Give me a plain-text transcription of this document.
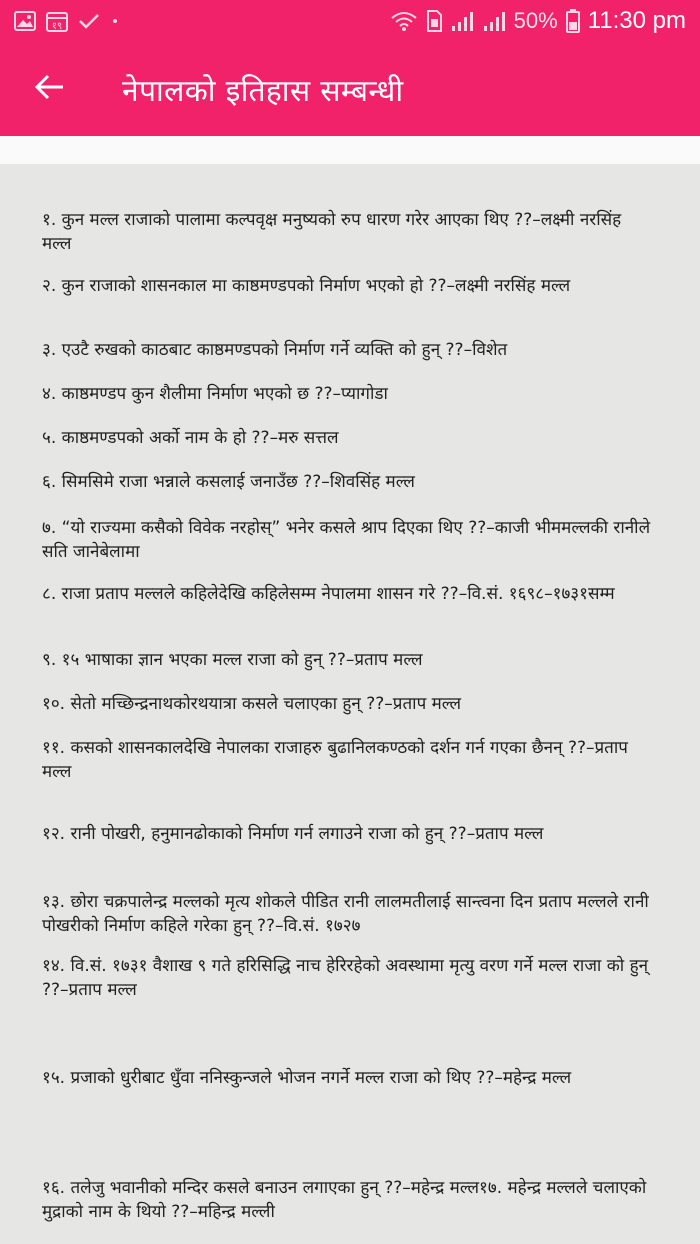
१९	50% 11:30 pm
नेपालको इतिहास सम्बन्धी
१. कुन मल्ल राजाको पालामा कल्पवृक्ष मनुष्यको रुप धारण गरेर आएका थिए ??–लक्ष्मी नरसिंह मल्ल
२. कुन राजाको शासनकाल मा काष्ठमण्डपको निर्माण भएको हो ??–लक्ष्मी नरसिंह मल्ल
३. एउटै रुखको काठबाट काष्ठमण्डपको निर्माण गर्ने व्यक्ति को हुन् ??–विशेत
४. काष्ठमण्डप कुन शैलीमा निर्माण भएको छ ??–प्यागोडा
५. काष्ठमण्डपको अर्को नाम के हो ??–मरु सत्तल
६. सिमसिमे राजा भन्नाले कसलाई जनाउँछ ??–शिवसिंह मल्ल
७. “यो राज्यमा कसैको विवेक नरहोस्” भनेर कसले श्राप दिएका थिए ??–काजी भीममल्लकी रानीले सति जानेबेलामा
८. राजा प्रताप मल्लले कहिलेदेखि कहिलेसम्म नेपालमा शासन गरे ??–वि.सं. १६९८–१७३१सम्म
९. १५ भाषाका ज्ञान भएका मल्ल राजा को हुन् ??–प्रताप मल्ल
१०. सेतो मच्छिन्द्रनाथकोरथयात्रा कसले चलाएका हुन् ??–प्रताप मल्ल
११. कसको शासनकालदेखि नेपालका राजाहरु बुढानिलकण्ठको दर्शन गर्न गएका छैनन् ??–प्रताप मल्ल
१२. रानी पोखरी, हनुमानढोकाको निर्माण गर्न लगाउने राजा को हुन् ??–प्रताप मल्ल
१३. छोरा चक्रपालेन्द्र मल्लको मृत्य शोकले पीडित रानी लालमतीलाई सान्त्वना दिन प्रताप मल्लले रानी पोखरीको निर्माण कहिले गरेका हुन् ??–वि.सं. १७२७
१४. वि.सं. १७३१ वैशाख ९ गते हरिसिद्धि नाच हेरिरहेको अवस्थामा मृत्यु वरण गर्ने मल्ल राजा को हुन् ??–प्रताप मल्ल
१५. प्रजाको धुरीबाट धुँवा ननिस्कुन्जले भोजन नगर्ने मल्ल राजा को थिए ??–महेन्द्र मल्ल
१६. तलेजु भवानीको मन्दिर कसले बनाउन लगाएका हुन् ??–महेन्द्र मल्ल१७. महेन्द्र मल्लले चलाएको मुद्राको नाम के थियो ??–महिन्द्र मल्ली
